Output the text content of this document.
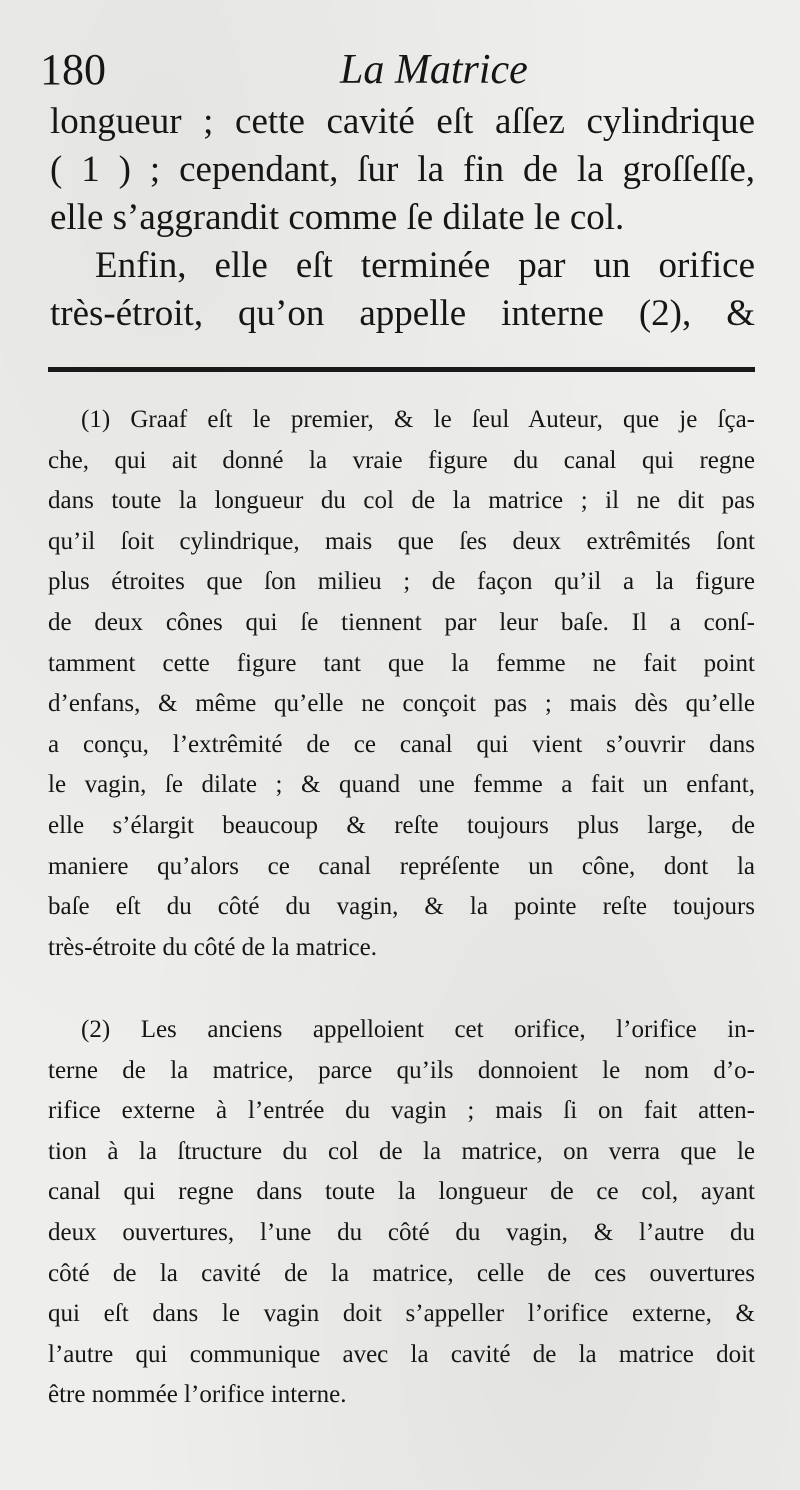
180	La Matrice
longueur ; cette cavité eſt aſſez cylindrique
( 1 ) ; cependant, ſur la fin de la groſſeſſe,
elle s’aggrandit comme ſe dilate le col.
Enfin, elle eſt terminée par un orifice
très-étroit, qu’on appelle interne (2), &
(1) Graaf eſt le premier, & le ſeul Auteur, que je ſça-
che, qui ait donné la vraie figure du canal qui regne
dans toute la longueur du col de la matrice ; il ne dit pas
qu’il ſoit cylindrique, mais que ſes deux extrêmités ſont
plus étroites que ſon milieu ; de façon qu’il a la figure
de deux cônes qui ſe tiennent par leur baſe. Il a conſ-
tamment cette figure tant que la femme ne fait point
d’enfans, & même qu’elle ne conçoit pas ; mais dès qu’elle
a conçu, l’extrêmité de ce canal qui vient s’ouvrir dans
le vagin, ſe dilate ; & quand une femme a fait un enfant,
elle s’élargit beaucoup & reſte toujours plus large, de
maniere qu’alors ce canal repréſente un cône, dont la
baſe eſt du côté du vagin, & la pointe reſte toujours
très-étroite du côté de la matrice.
(2) Les anciens appelloient cet orifice, l’orifice in-
terne de la matrice, parce qu’ils donnoient le nom d’o-
rifice externe à l’entrée du vagin ; mais ſi on fait atten-
tion à la ſtructure du col de la matrice, on verra que le
canal qui regne dans toute la longueur de ce col, ayant
deux ouvertures, l’une du côté du vagin, & l’autre du
côté de la cavité de la matrice, celle de ces ouvertures
qui eſt dans le vagin doit s’appeller l’orifice externe, &
l’autre qui communique avec la cavité de la matrice doit
être nommée l’orifice interne.
